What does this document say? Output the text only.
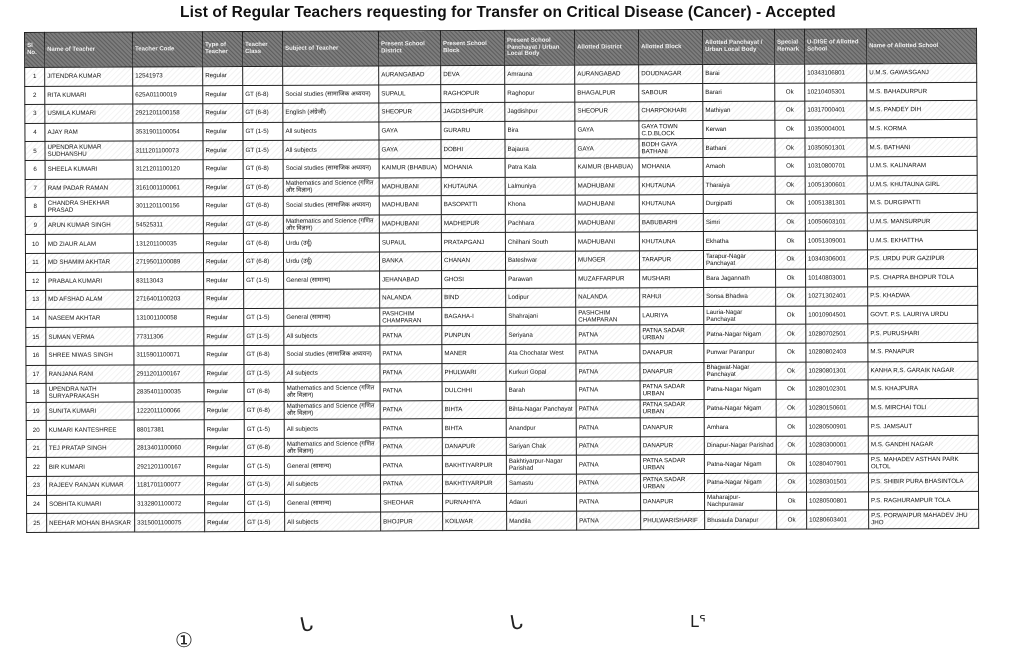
List of Regular Teachers requesting for Transfer on Critical Disease (Cancer) - Accepted
Sl No.	Name of Teacher	Teacher Code	Type of Teacher	Teacher Class	Subject of Teacher	Present School District	Present School Block	Present School Panchayat / Urban Local Body	Allotted District	Allotted Block	Allotted Panchayat / Urban Local Body	Special Remark	U-DISE of Allotted School	Name of Allotted School
1	JITENDRA KUMAR	12541973	Regular			AURANGABAD	DEVA	Amrauna	AURANGABAD	DOUDNAGAR	Barai		10343106801	U.M.S. GAWASGANJ
2	RITA KUMARI	625A01100019	Regular	GT (6-8)	Social studies (सामाजिक अध्ययन)	SUPAUL	RAGHOPUR	Raghopur	BHAGALPUR	SABOUR	Barari	Ok	10210405301	M.S. BAHADURPUR
3	USMILA KUMARI	2921201100158	Regular	GT (6-8)	English (अंग्रेजी)	SHEOPUR	JAGDISHPUR	Jagdishpur	SHEOPUR	CHARPOKHARI	Mathiyan	Ok	10317000401	M.S. PANDEY DIH
4	AJAY RAM	3531901100054	Regular	GT (1-5)	All subjects	GAYA	GURARU	Bira	GAYA	GAYA TOWN C.D.BLOCK	Kerwan	Ok	10350004001	M.S. KORMA
5	UPENDRA KUMAR SUDHANSHU	3111201100073	Regular	GT (1-5)	All subjects	GAYA	DOBHI	Bajaura	GAYA	BODH GAYA BATHANI	Bathani	Ok	10350501301	M.S. BATHANI
6	SHEELA KUMARI	3121201100120	Regular	GT (6-8)	Social studies (सामाजिक अध्ययन)	KAIMUR (BHABUA)	MOHANIA	Patra Kala	KAIMUR (BHABUA)	MOHANIA	Amaoh	Ok	10310800701	U.M.S. KALINARAM
7	RAM PADAR RAMAN	3161001100061	Regular	GT (6-8)	Mathematics and Science (गणित और विज्ञान)	MADHUBANI	KHUTAUNA	Lalmuniya	MADHUBANI	KHUTAUNA	Tharaiya	Ok	10051300601	U.M.S. KHUTAUNA GIRL
8	CHANDRA SHEKHAR PRASAD	3011201100156	Regular	GT (6-8)	Social studies (सामाजिक अध्ययन)	MADHUBANI	BASOPATTI	Khona	MADHUBANI	KHUTAUNA	Durgipatti	Ok	10051381301	M.S. DURGIPATTI
9	ARUN KUMAR SINGH	54525311	Regular	GT (6-8)	Mathematics and Science (गणित और विज्ञान)	MADHUBANI	MADHEPUR	Pachhara	MADHUBANI	BABUBARHI	Simri	Ok	10050603101	U.M.S. MANSURPUR
10	MD ZIAUR ALAM	131201100035	Regular	GT (6-8)	Urdu (उर्दू)	SUPAUL	PRATAPGANJ	Chilhani South	MADHUBANI	KHUTAUNA	Ekhatha	Ok	10051309001	U.M.S. EKHATTHA
11	MD SHAMIM AKHTAR	2719501100089	Regular	GT (6-8)	Urdu (उर्दू)	BANKA	CHANAN	Bateshwar	MUNGER	TARAPUR	Tarapur-Nagar Panchayat	Ok	10340306001	P.S. URDU PUR GAZIPUR
12	PRABALA KUMARI	83113043	Regular	GT (1-5)	General (सामान्य)	JEHANABAD	GHOSI	Parawan	MUZAFFARPUR	MUSHARI	Bara Jagannath	Ok	10140803001	P.S. CHAPRA BHOPUR TOLA
13	MD AFSHAD ALAM	2716401100203	Regular			NALANDA	BIND	Lodipur	NALANDA	RAHUI	Sonsa Bhadwa	Ok	10271302401	P.S. KHADWA
14	NASEEM AKHTAR	131001100058	Regular	GT (1-5)	General (सामान्य)	PASHCHIM CHAMPARAN	BAGAHA-I	Shahrajani	PASHCHIM CHAMPARAN	LAURIYA	Lauria-Nagar Panchayat	Ok	10010904501	GOVT. P.S. LAURIYA URDU
15	SUMAN VERMA	77311306	Regular	GT (1-5)	All subjects	PATNA	PUNPUN	Seriyana	PATNA	PATNA SADAR URBAN	Patna-Nagar Nigam	Ok	10280702501	P.S. PURUSHARI
16	SHREE NIWAS SINGH	3115901100071	Regular	GT (6-8)	Social studies (सामाजिक अध्ययन)	PATNA	MANER	Ata Chochatar West	PATNA	DANAPUR	Punwar Paranpur	Ok	10280802403	M.S. PANAPUR
17	RANJANA RANI	2911201100167	Regular	GT (1-5)	All subjects	PATNA	PHULWARI	Kurkuri Gopal	PATNA	DANAPUR	Bhagwat-Nagar Panchayat	Ok	10280801301	KANHA R.S. GARAIK NAGAR
18	UPENDRA NATH SURYAPRAKASH	2835401100035	Regular	GT (6-8)	Mathematics and Science (गणित और विज्ञान)	PATNA	DULCHHI	Barah	PATNA	PATNA SADAR URBAN	Patna-Nagar Nigam	Ok	10280102301	M.S. KHAJPURA
19	SUNITA KUMARI	1222011100066	Regular	GT (6-8)	Mathematics and Science (गणित और विज्ञान)	PATNA	BIHTA	Bihta-Nagar Panchayat	PATNA	PATNA SADAR URBAN	Patna-Nagar Nigam	Ok	10280150601	M.S. MIRCHAI TOLI
20	KUMARI KANTESHREE	88017381	Regular	GT (1-5)	All subjects	PATNA	BIHTA	Anandpur	PATNA	DANAPUR	Amhara	Ok	10280500901	P.S. JAMSAUT
21	TEJ PRATAP SINGH	2813401100060	Regular	GT (6-8)	Mathematics and Science (गणित और विज्ञान)	PATNA	DANAPUR	Sariyan Chak	PATNA	DANAPUR	Dinapur-Nagar Parishad	Ok	10280300001	M.S. GANDHI NAGAR
22	BIR KUMARI	2921201100167	Regular	GT (1-5)	General (सामान्य)	PATNA	BAKHTIYARPUR	Bakhtiyarpur-Nagar Parishad	PATNA	PATNA SADAR URBAN	Patna-Nagar Nigam	Ok	10280407901	P.S. MAHADEV ASTHAN PARK OLTOL
23	RAJEEV RANJAN KUMAR	1181701100077	Regular	GT (1-5)	All subjects	PATNA	BAKHTIYARPUR	Samastu	PATNA	PATNA SADAR URBAN	Patna-Nagar Nigam	Ok	10280301501	P.S. SHIBIR PURA BHASINTOLA
24	SOBHITA KUMARI	3132801100072	Regular	GT (1-5)	General (सामान्य)	SHEOHAR	PURNAHIYA	Adauri	PATNA	DANAPUR	Maharajpur-Nachpurawar	Ok	10280500801	P.S. RAGHURAMPUR TOLA
25	NEEHAR MOHAN BHASKAR	3315001100075	Regular	GT (1-5)	All subjects	BHOJPUR	KOILWAR	Mandila	PATNA	PHULWARISHARIF	Bhusaula Danapur	Ok	10280603401	P.S. PORWAIPUR MAHADEV JHU JHO
①
ᒐ	ᒐ	ᒪᕐ
